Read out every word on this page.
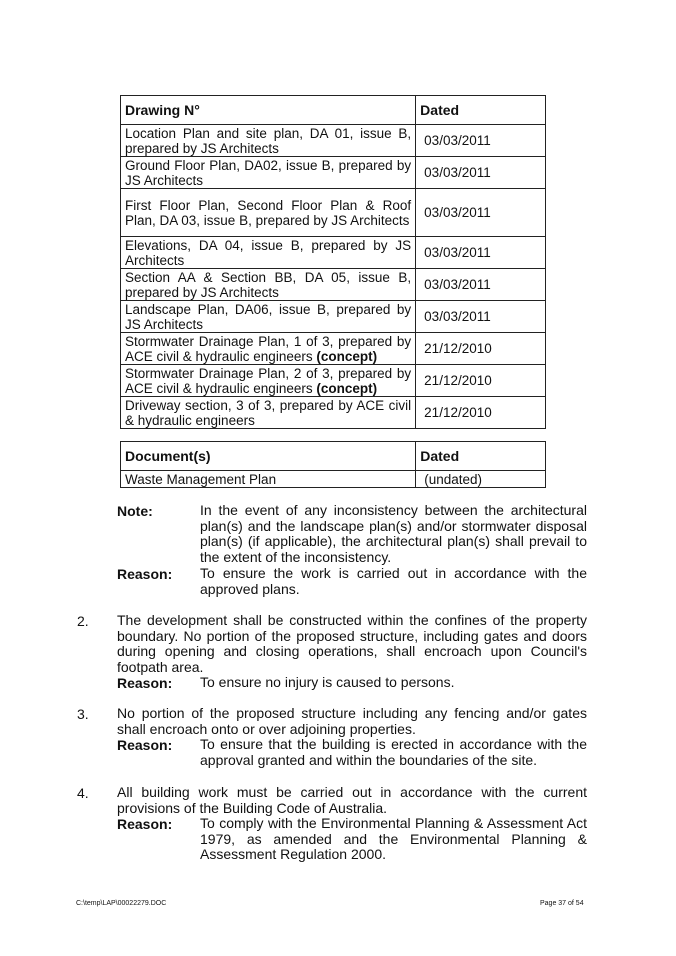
Drawing N°	Dated
Location Plan and site plan, DA 01, issue B, prepared by JS Architects	03/03/2011
Ground Floor Plan, DA02, issue B, prepared by JS Architects	03/03/2011
First Floor Plan, Second Floor Plan & Roof Plan, DA 03, issue B, prepared by JS Architects	03/03/2011
Elevations, DA 04, issue B, prepared by JS Architects	03/03/2011
Section AA & Section BB, DA 05, issue B, prepared by JS Architects	03/03/2011
Landscape Plan, DA06, issue B, prepared by JS Architects	03/03/2011
Stormwater Drainage Plan, 1 of 3, prepared by ACE civil & hydraulic engineers (concept)	21/12/2010
Stormwater Drainage Plan, 2 of 3, prepared by ACE civil & hydraulic engineers (concept)	21/12/2010
Driveway section, 3 of 3, prepared by ACE civil & hydraulic engineers	21/12/2010
Document(s)	Dated
Waste Management Plan	(undated)
Note:	In the event of any inconsistency between the architectural plan(s) and the landscape plan(s) and/or stormwater disposal plan(s) (if applicable), the architectural plan(s) shall prevail to the extent of the inconsistency.
Reason: To ensure the work is carried out in accordance with the approved plans.
2. The development shall be constructed within the confines of the property boundary. No portion of the proposed structure, including gates and doors during opening and closing operations, shall encroach upon Council's footpath area.
Reason: To ensure no injury is caused to persons.
3. No portion of the proposed structure including any fencing and/or gates shall encroach onto or over adjoining properties.
Reason: To ensure that the building is erected in accordance with the approval granted and within the boundaries of the site.
4. All building work must be carried out in accordance with the current provisions of the Building Code of Australia.
Reason: To comply with the Environmental Planning & Assessment Act 1979, as amended and the Environmental Planning & Assessment Regulation 2000.
C:\temp\LAP\00022279.DOC	Page 37 of 54
